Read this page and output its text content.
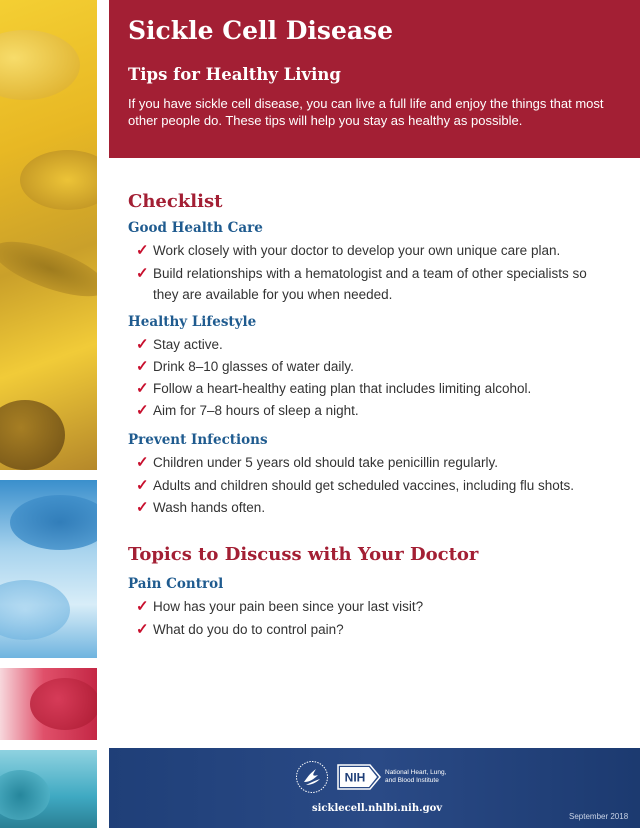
Sickle Cell Disease
Tips for Healthy Living

If you have sickle cell disease, you can live a full life and enjoy the things that most other people do. These tips will help you stay as healthy as possible.

Checklist
Good Health Care
✓ Work closely with your doctor to develop your own unique care plan.
✓ Build relationships with a hematologist and a team of other specialists so they are available for you when needed.
Healthy Lifestyle
✓ Stay active.
✓ Drink 8–10 glasses of water daily.
✓ Follow a heart-healthy eating plan that includes limiting alcohol.
✓ Aim for 7–8 hours of sleep a night.
Prevent Infections
✓ Children under 5 years old should take penicillin regularly.
✓ Adults and children should get scheduled vaccines, including flu shots.
✓ Wash hands often.
Topics to Discuss with Your Doctor
Pain Control
✓ How has your pain been since your last visit?
✓ What do you do to control pain?
NIH	National Heart, Lung,
and Blood Institute
sicklecell.nhlbi.nih.gov
September 2018
